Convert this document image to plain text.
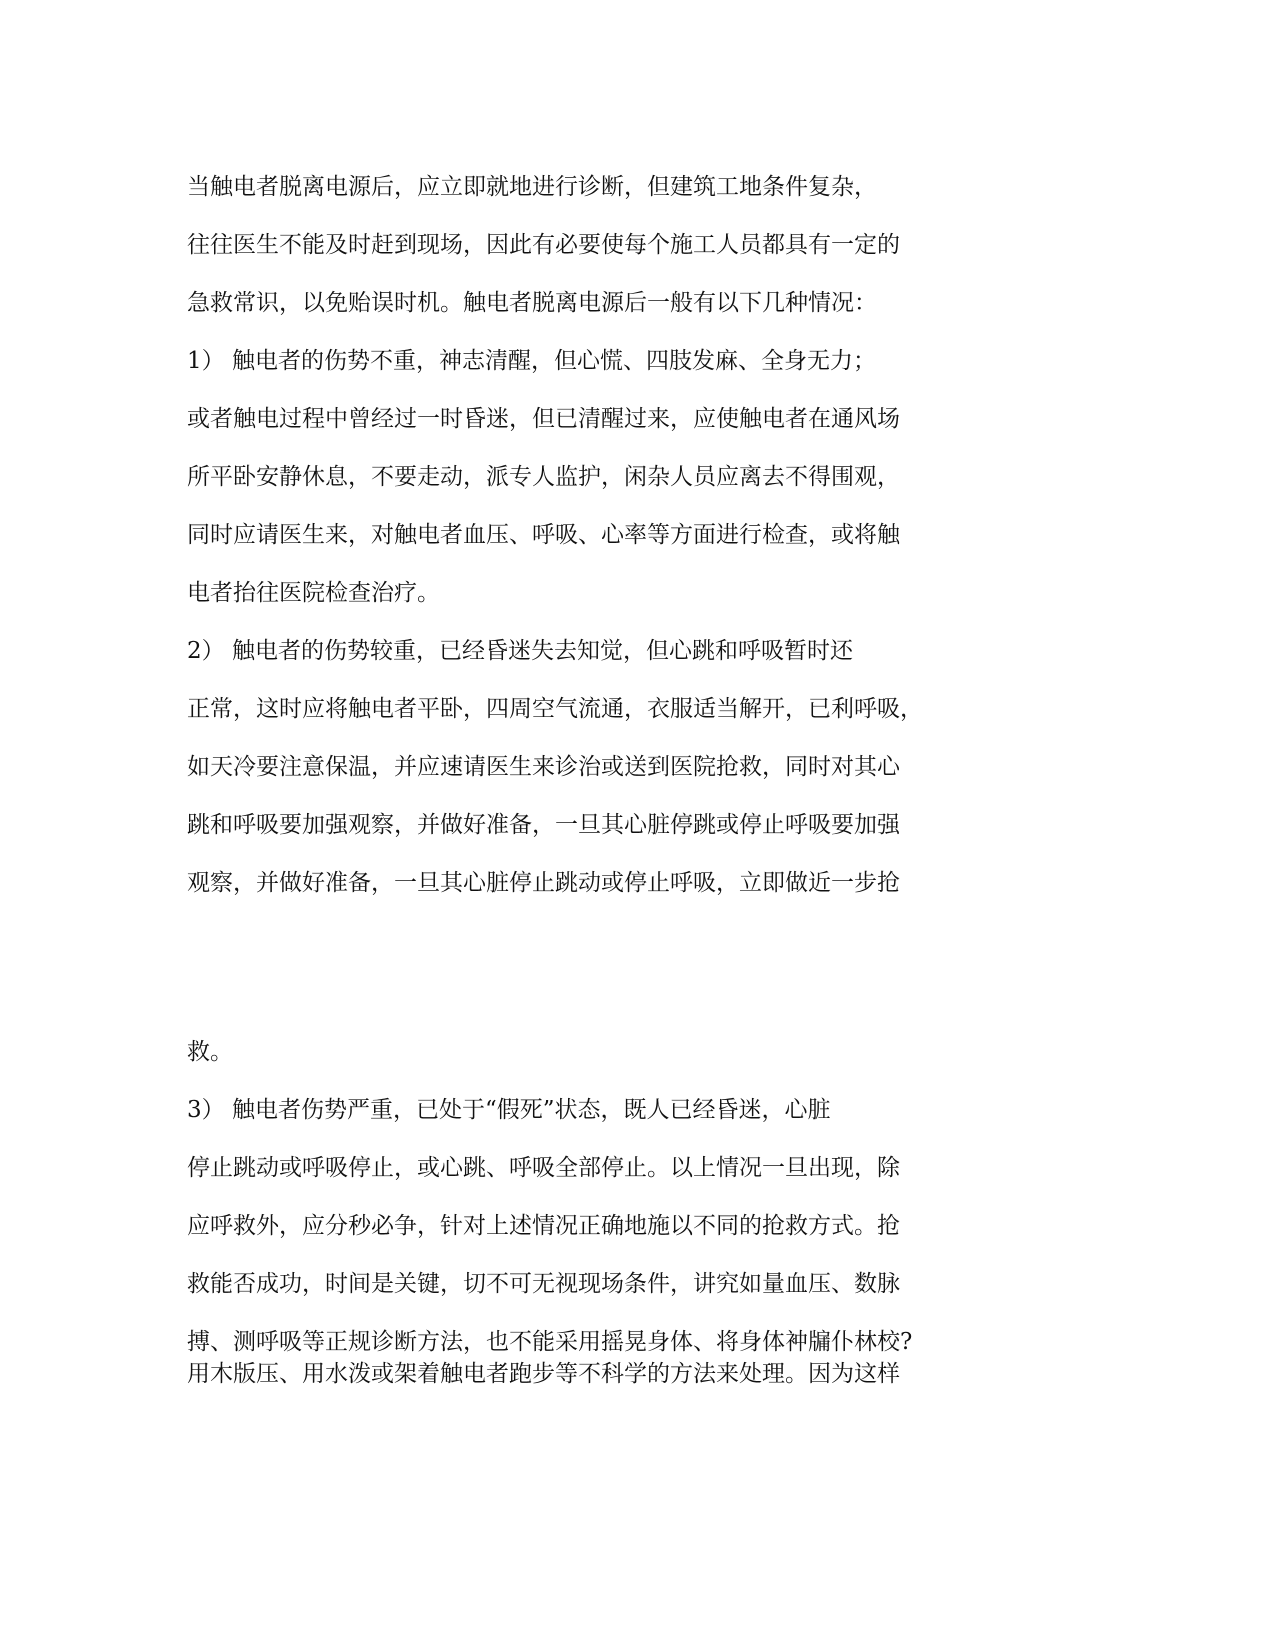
当触电者脱离电源后，应立即就地进行诊断，但建筑工地条件复杂，
往往医生不能及时赶到现场，因此有必要使每个施工人员都具有一定的
急救常识，以免贻误时机。触电者脱离电源后一般有以下几种情况：
1） 触电者的伤势不重，神志清醒，但心慌、四肢发麻、全身无力；
或者触电过程中曾经过一时昏迷，但已清醒过来，应使触电者在通风场
所平卧安静休息，不要走动，派专人监护，闲杂人员应离去不得围观，
同时应请医生来，对触电者血压、呼吸、心率等方面进行检查，或将触
电者抬往医院检查治疗。
2） 触电者的伤势较重，已经昏迷失去知觉，但心跳和呼吸暂时还
正常，这时应将触电者平卧，四周空气流通，衣服适当解开，已利呼吸，
如天冷要注意保温，并应速请医生来诊治或送到医院抢救，同时对其心
跳和呼吸要加强观察，并做好准备，一旦其心脏停跳或停止呼吸要加强
观察，并做好准备，一旦其心脏停止跳动或停止呼吸，立即做近一步抢
救。
3） 触电者伤势严重，已处于“假死”状态，既人已经昏迷，心脏
停止跳动或呼吸停止，或心跳、呼吸全部停止。以上情况一旦出现，除
应呼救外，应分秒必争，针对上述情况正确地施以不同的抢救方式。抢
救能否成功，时间是关键，切不可无视现场条件，讲究如量血压、数脉
搏、测呼吸等正规诊断方法，也不能采用摇晃身体、将身体衶牖仆林校?
用木版压、用水泼或架着触电者跑步等不科学的方法来处理。因为这样
